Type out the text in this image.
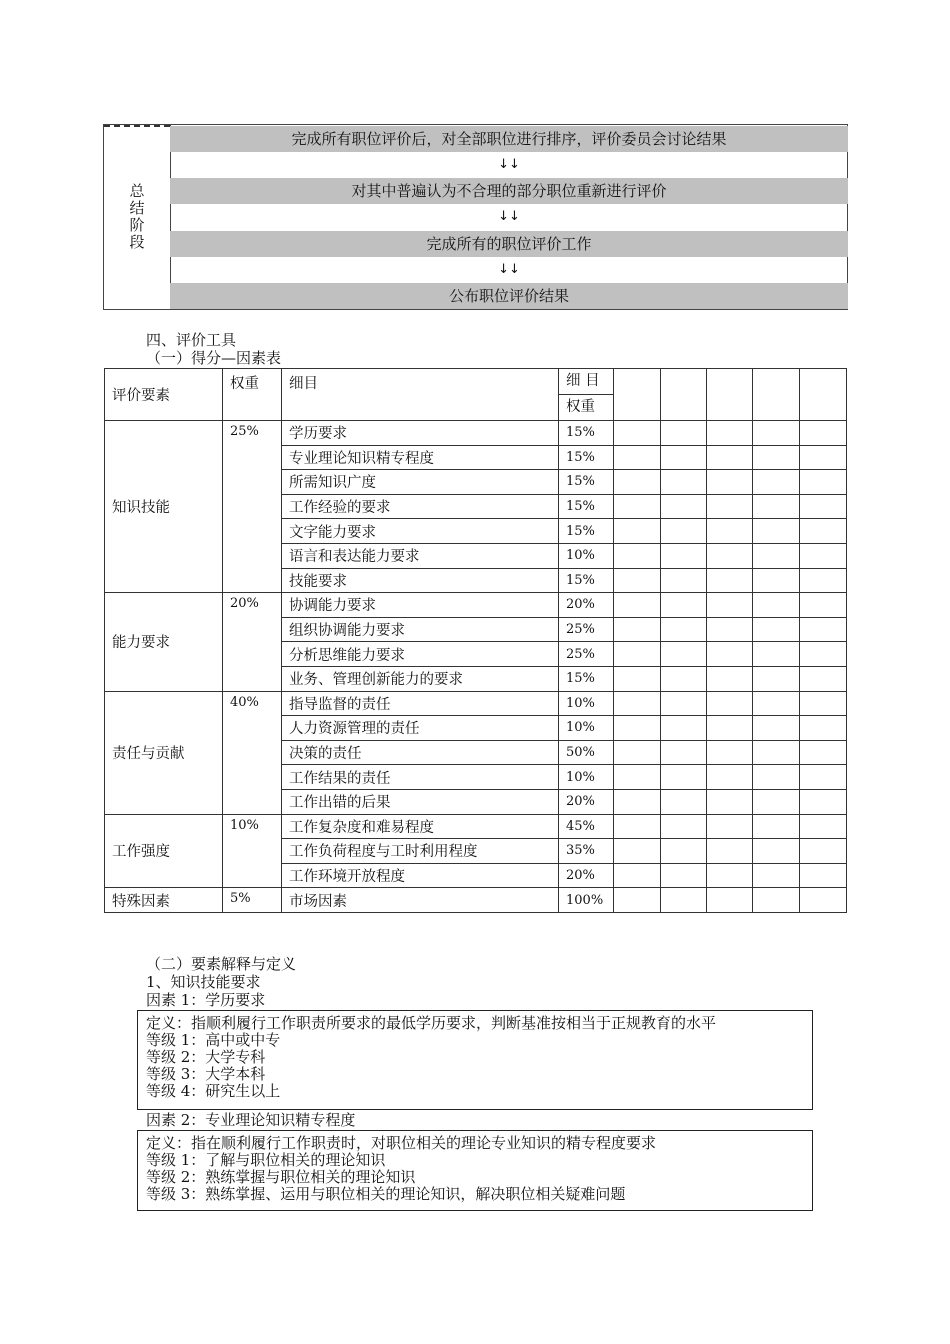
总
结
阶
段
完成所有职位评价后，对全部职位进行排序，评价委员会讨论结果
↓↓
对其中普遍认为不合理的部分职位重新进行评价
↓↓
完成所有的职位评价工作
↓↓
公布职位评价结果
四、评价工具
（一）得分—因素表
评价要素	权重	细目	细 目					
			权重					
知识技能	25%	学历要求	15%					
		专业理论知识精专程度	15%					
		所需知识广度	15%					
		工作经验的要求	15%					
		文字能力要求	15%					
		语言和表达能力要求	10%					
		技能要求	15%					
能力要求	20%	协调能力要求	20%					
		组织协调能力要求	25%					
		分析思维能力要求	25%					
		业务、管理创新能力的要求	15%					
责任与贡献	40%	指导监督的责任	10%					
		人力资源管理的责任	10%					
		决策的责任	50%					
		工作结果的责任	10%					
		工作出错的后果	20%					
工作强度	10%	工作复杂度和难易程度	45%					
		工作负荷程度与工时利用程度	35%					
		工作环境开放程度	20%					
特殊因素	5%	市场因素	100%					
（二）要素解释与定义
1、知识技能要求
因素 1：学历要求
定义：指顺利履行工作职责所要求的最低学历要求，判断基准按相当于正规教育的水平
等级 1：高中或中专
等级 2：大学专科
等级 3：大学本科
等级 4：研究生以上
因素 2：专业理论知识精专程度
定义：指在顺利履行工作职责时，对职位相关的理论专业知识的精专程度要求
等级 1：了解与职位相关的理论知识
等级 2：熟练掌握与职位相关的理论知识
等级 3：熟练掌握、运用与职位相关的理论知识，解决职位相关疑难问题
